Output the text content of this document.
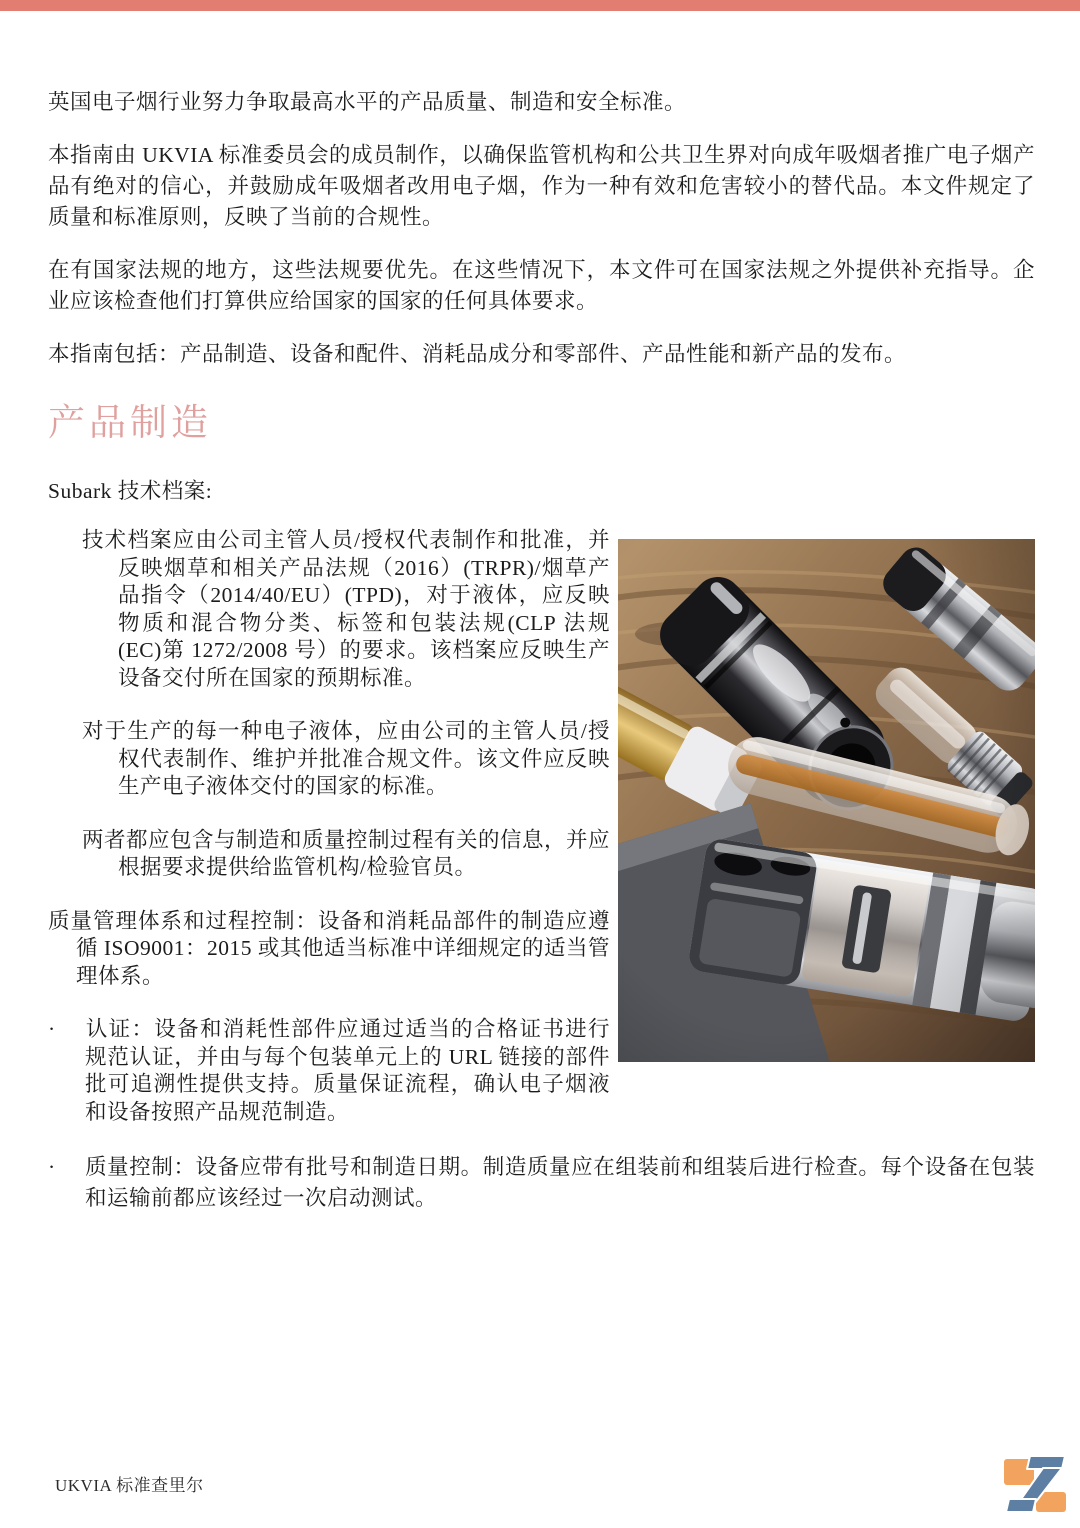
英国电子烟行业努力争取最高水平的产品质量、制造和安全标准。

本指南由 UKVIA 标准委员会的成员制作，以确保监管机构和公共卫生界对向成年吸烟者推广电子烟产品有绝对的信心，并鼓励成年吸烟者改用电子烟，作为一种有效和危害较小的替代品。本文件规定了质量和标准原则，反映了当前的合规性。

在有国家法规的地方，这些法规要优先。在这些情况下，本文件可在国家法规之外提供补充指导。企业应该检查他们打算供应给国家的国家的任何具体要求。

本指南包括：产品制造、设备和配件、消耗品成分和零部件、产品性能和新产品的发布。

产品制造

Subark 技术档案:

技术档案应由公司主管人员/授权代表制作和批准，并反映烟草和相关产品法规（2016）(TRPR)/烟草产品指令（2014/40/EU）(TPD)，对于液体，应反映物质和混合物分类、标签和包装法规(CLP 法规(EC)第 1272/2008 号）的要求。该档案应反映生产设备交付所在国家的预期标准。

对于生产的每一种电子液体，应由公司的主管人员/授权代表制作、维护并批准合规文件。该文件应反映生产电子液体交付的国家的标准。

两者都应包含与制造和质量控制过程有关的信息，并应根据要求提供给监管机构/检验官员。

质量管理体系和过程控制：设备和消耗品部件的制造应遵循 ISO9001：2015 或其他适当标准中详细规定的适当管理体系。

· 认证：设备和消耗性部件应通过适当的合格证书进行规范认证，并由与每个包装单元上的 URL 链接的部件批可追溯性提供支持。质量保证流程，确认电子烟液和设备按照产品规范制造。

· 质量控制：设备应带有批号和制造日期。制造质量应在组装前和组装后进行检查。每个设备在包装和运输前都应该经过一次启动测试。

UKVIA 标准查里尔
